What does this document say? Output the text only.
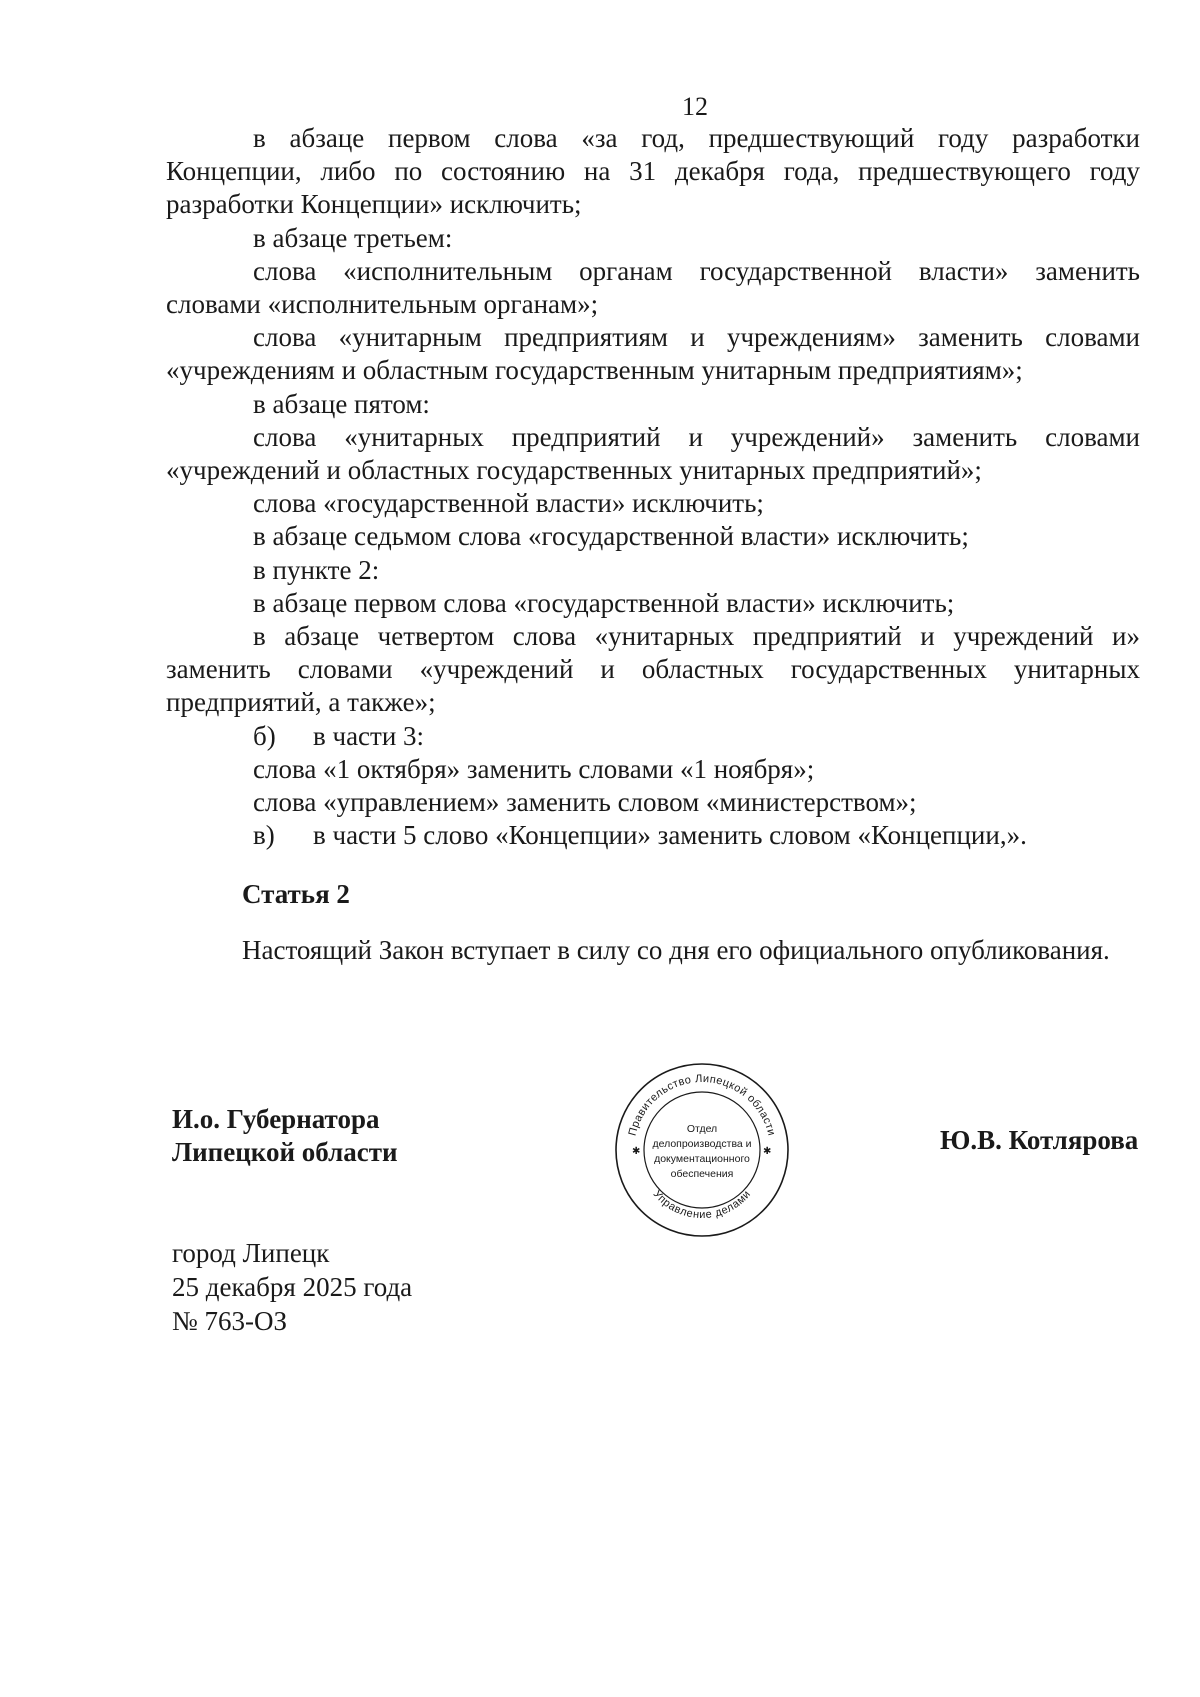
12

в абзаце первом слова «за год, предшествующий году разработки Концепции, либо по состоянию на 31 декабря года, предшествующего году разработки Концепции» исключить;

в абзаце третьем:

слова «исполнительным органам государственной власти» заменить словами «исполнительным органам»;

слова «унитарным предприятиям и учреждениям» заменить словами «учреждениям и областным государственным унитарным предприятиям»;

в абзаце пятом:

слова «унитарных предприятий и учреждений» заменить словами «учреждений и областных государственных унитарных предприятий»;

слова «государственной власти» исключить;

в абзаце седьмом слова «государственной власти» исключить;

в пункте 2:

в абзаце первом слова «государственной власти» исключить;

в абзаце четвертом слова «унитарных предприятий и учреждений и» заменить словами «учреждений и областных государственных унитарных предприятий, а также»;

б) в части 3:

слова «1 октября» заменить словами «1 ноября»;

слова «управлением» заменить словом «министерством»;

в) в части 5 слово «Концепции» заменить словом «Концепции,».

Статья 2

Настоящий Закон вступает в силу со дня его официального опубликования.

И.о. Губернатора
Липецкой области
Правительство Липецкой области
Управление делами
✱	✱
Отдел
делопроизводства и
документационного
обеспечения
Ю.В. Котлярова
город Липецк
25 декабря 2025 года
№ 763-ОЗ
